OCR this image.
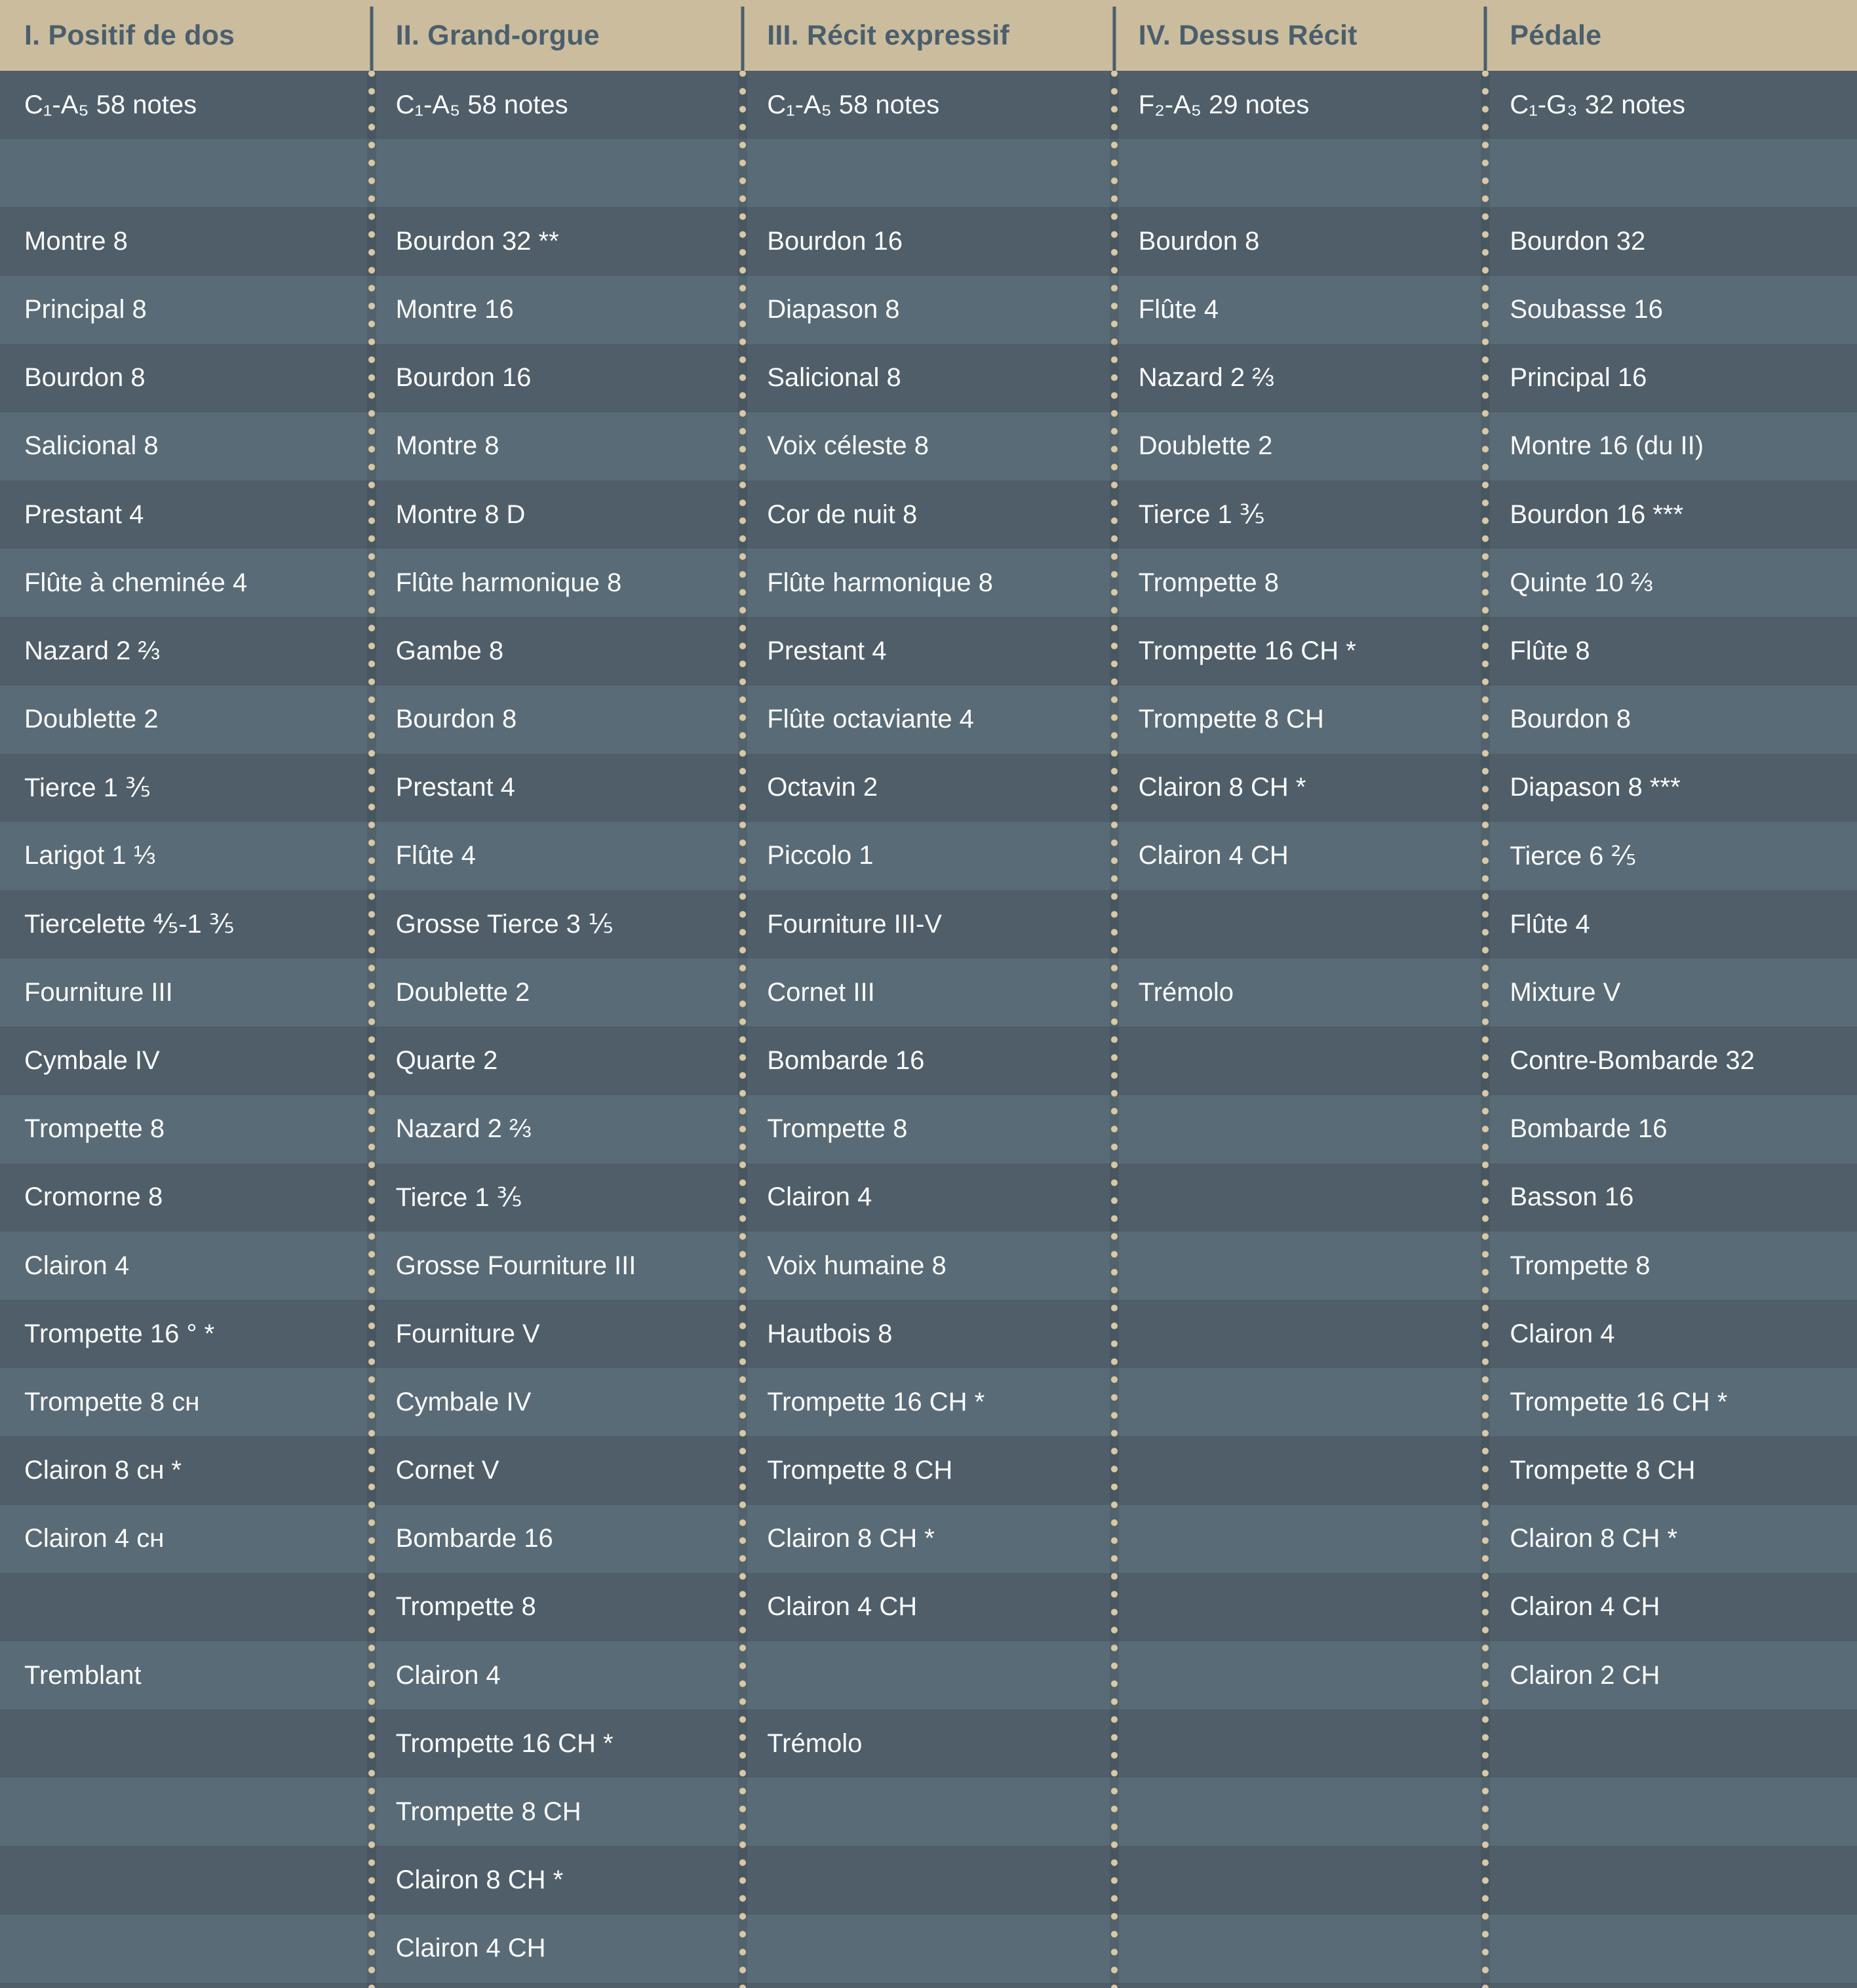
I. Positif de dos
C₁-A₅ 58 notes
Montre 8
Principal 8
Bourdon 8
Salicional 8
Prestant 4
Flûte à cheminée 4
Nazard 2 ⅔
Doublette 2
Tierce 1 ⅗
Larigot 1 ⅓
Tiercelette ⅘-1 ⅗
Fourniture III
Cymbale IV
Trompette 8
Cromorne 8
Clairon 4
Trompette 16 ° *
Trompette 8 ᴄʜ
Clairon 8 ᴄʜ *
Clairon 4 ᴄʜ
Tremblant
II. Grand-orgue
C₁-A₅ 58 notes
Bourdon 32 **
Montre 16
Bourdon 16
Montre 8
Montre 8 D
Flûte harmonique 8
Gambe 8
Bourdon 8
Prestant 4
Flûte 4
Grosse Tierce 3 ⅕
Doublette 2
Quarte 2
Nazard 2 ⅔
Tierce 1 ⅗
Grosse Fourniture III
Fourniture V
Cymbale IV
Cornet V
Bombarde 16
Trompette 8
Clairon 4
Trompette 16 CH *
Trompette 8 CH
Clairon 8 CH *
Clairon 4 CH
III. Récit expressif
C₁-A₅ 58 notes
Bourdon 16
Diapason 8
Salicional 8
Voix céleste 8
Cor de nuit 8
Flûte harmonique 8
Prestant 4
Flûte octaviante 4
Octavin 2
Piccolo 1
Fourniture III-V
Cornet III
Bombarde 16
Trompette 8
Clairon 4
Voix humaine 8
Hautbois 8
Trompette 16 CH *
Trompette 8 CH
Clairon 8 CH *
Clairon 4 CH
Trémolo
IV. Dessus Récit
F₂-A₅ 29 notes
Bourdon 8
Flûte 4
Nazard 2 ⅔
Doublette 2
Tierce 1 ⅗
Trompette 8
Trompette 16 CH *
Trompette 8 CH
Clairon 8 CH *
Clairon 4 CH
Trémolo
Pédale
C₁-G₃ 32 notes
Bourdon 32
Soubasse 16
Principal 16
Montre 16 (du II)
Bourdon 16 ***
Quinte 10 ⅔
Flûte 8
Bourdon 8
Diapason 8 ***
Tierce 6 ⅖
Flûte 4
Mixture V
Contre-Bombarde 32
Bombarde 16
Basson 16
Trompette 8
Clairon 4
Trompette 16 CH *
Trompette 8 CH
Clairon 8 CH *
Clairon 4 CH
Clairon 2 CH
